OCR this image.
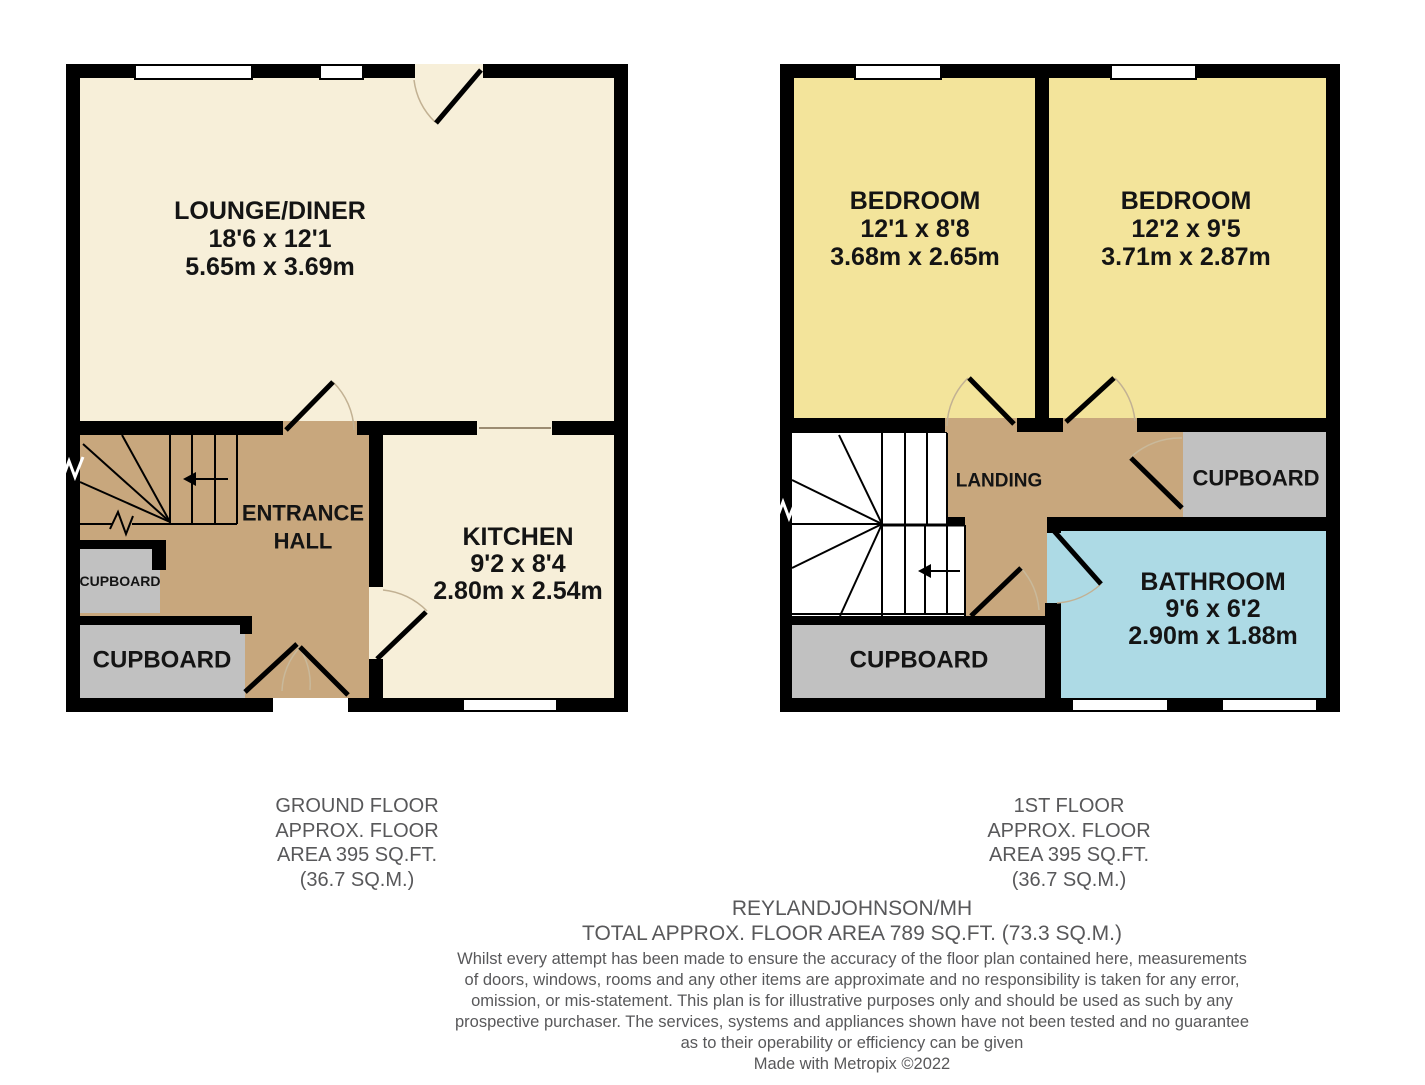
LOUNGE/DINER
18'6 x 12'1
5.65m x 3.69m
ENTRANCE
HALL	KITCHEN
9'2 x 8'4
2.80m x 2.54m
CUPBOARD
CUPBOARD
BEDROOM
12'1 x 8'8
3.68m x 2.65m
BEDROOM
12'2 x 9'5
3.71m x 2.87m
LANDING	CUPBOARD
BATHROOM
9'6 x 6'2
2.90m x 1.88m
CUPBOARD
GROUND FLOOR
APPROX. FLOOR
AREA 395 SQ.FT.
(36.7 SQ.M.)
1ST FLOOR
APPROX. FLOOR
AREA 395 SQ.FT.
(36.7 SQ.M.)
REYLANDJOHNSON/MH
TOTAL APPROX. FLOOR AREA 789 SQ.FT. (73.3 SQ.M.)
Whilst every attempt has been made to ensure the accuracy of the floor plan contained here, measurements
of doors, windows, rooms and any other items are approximate and no responsibility is taken for any error,
omission, or mis-statement. This plan is for illustrative purposes only and should be used as such by any
prospective purchaser. The services, systems and appliances shown have not been tested and no guarantee
as to their operability or efficiency can be given
Made with Metropix ©2022
